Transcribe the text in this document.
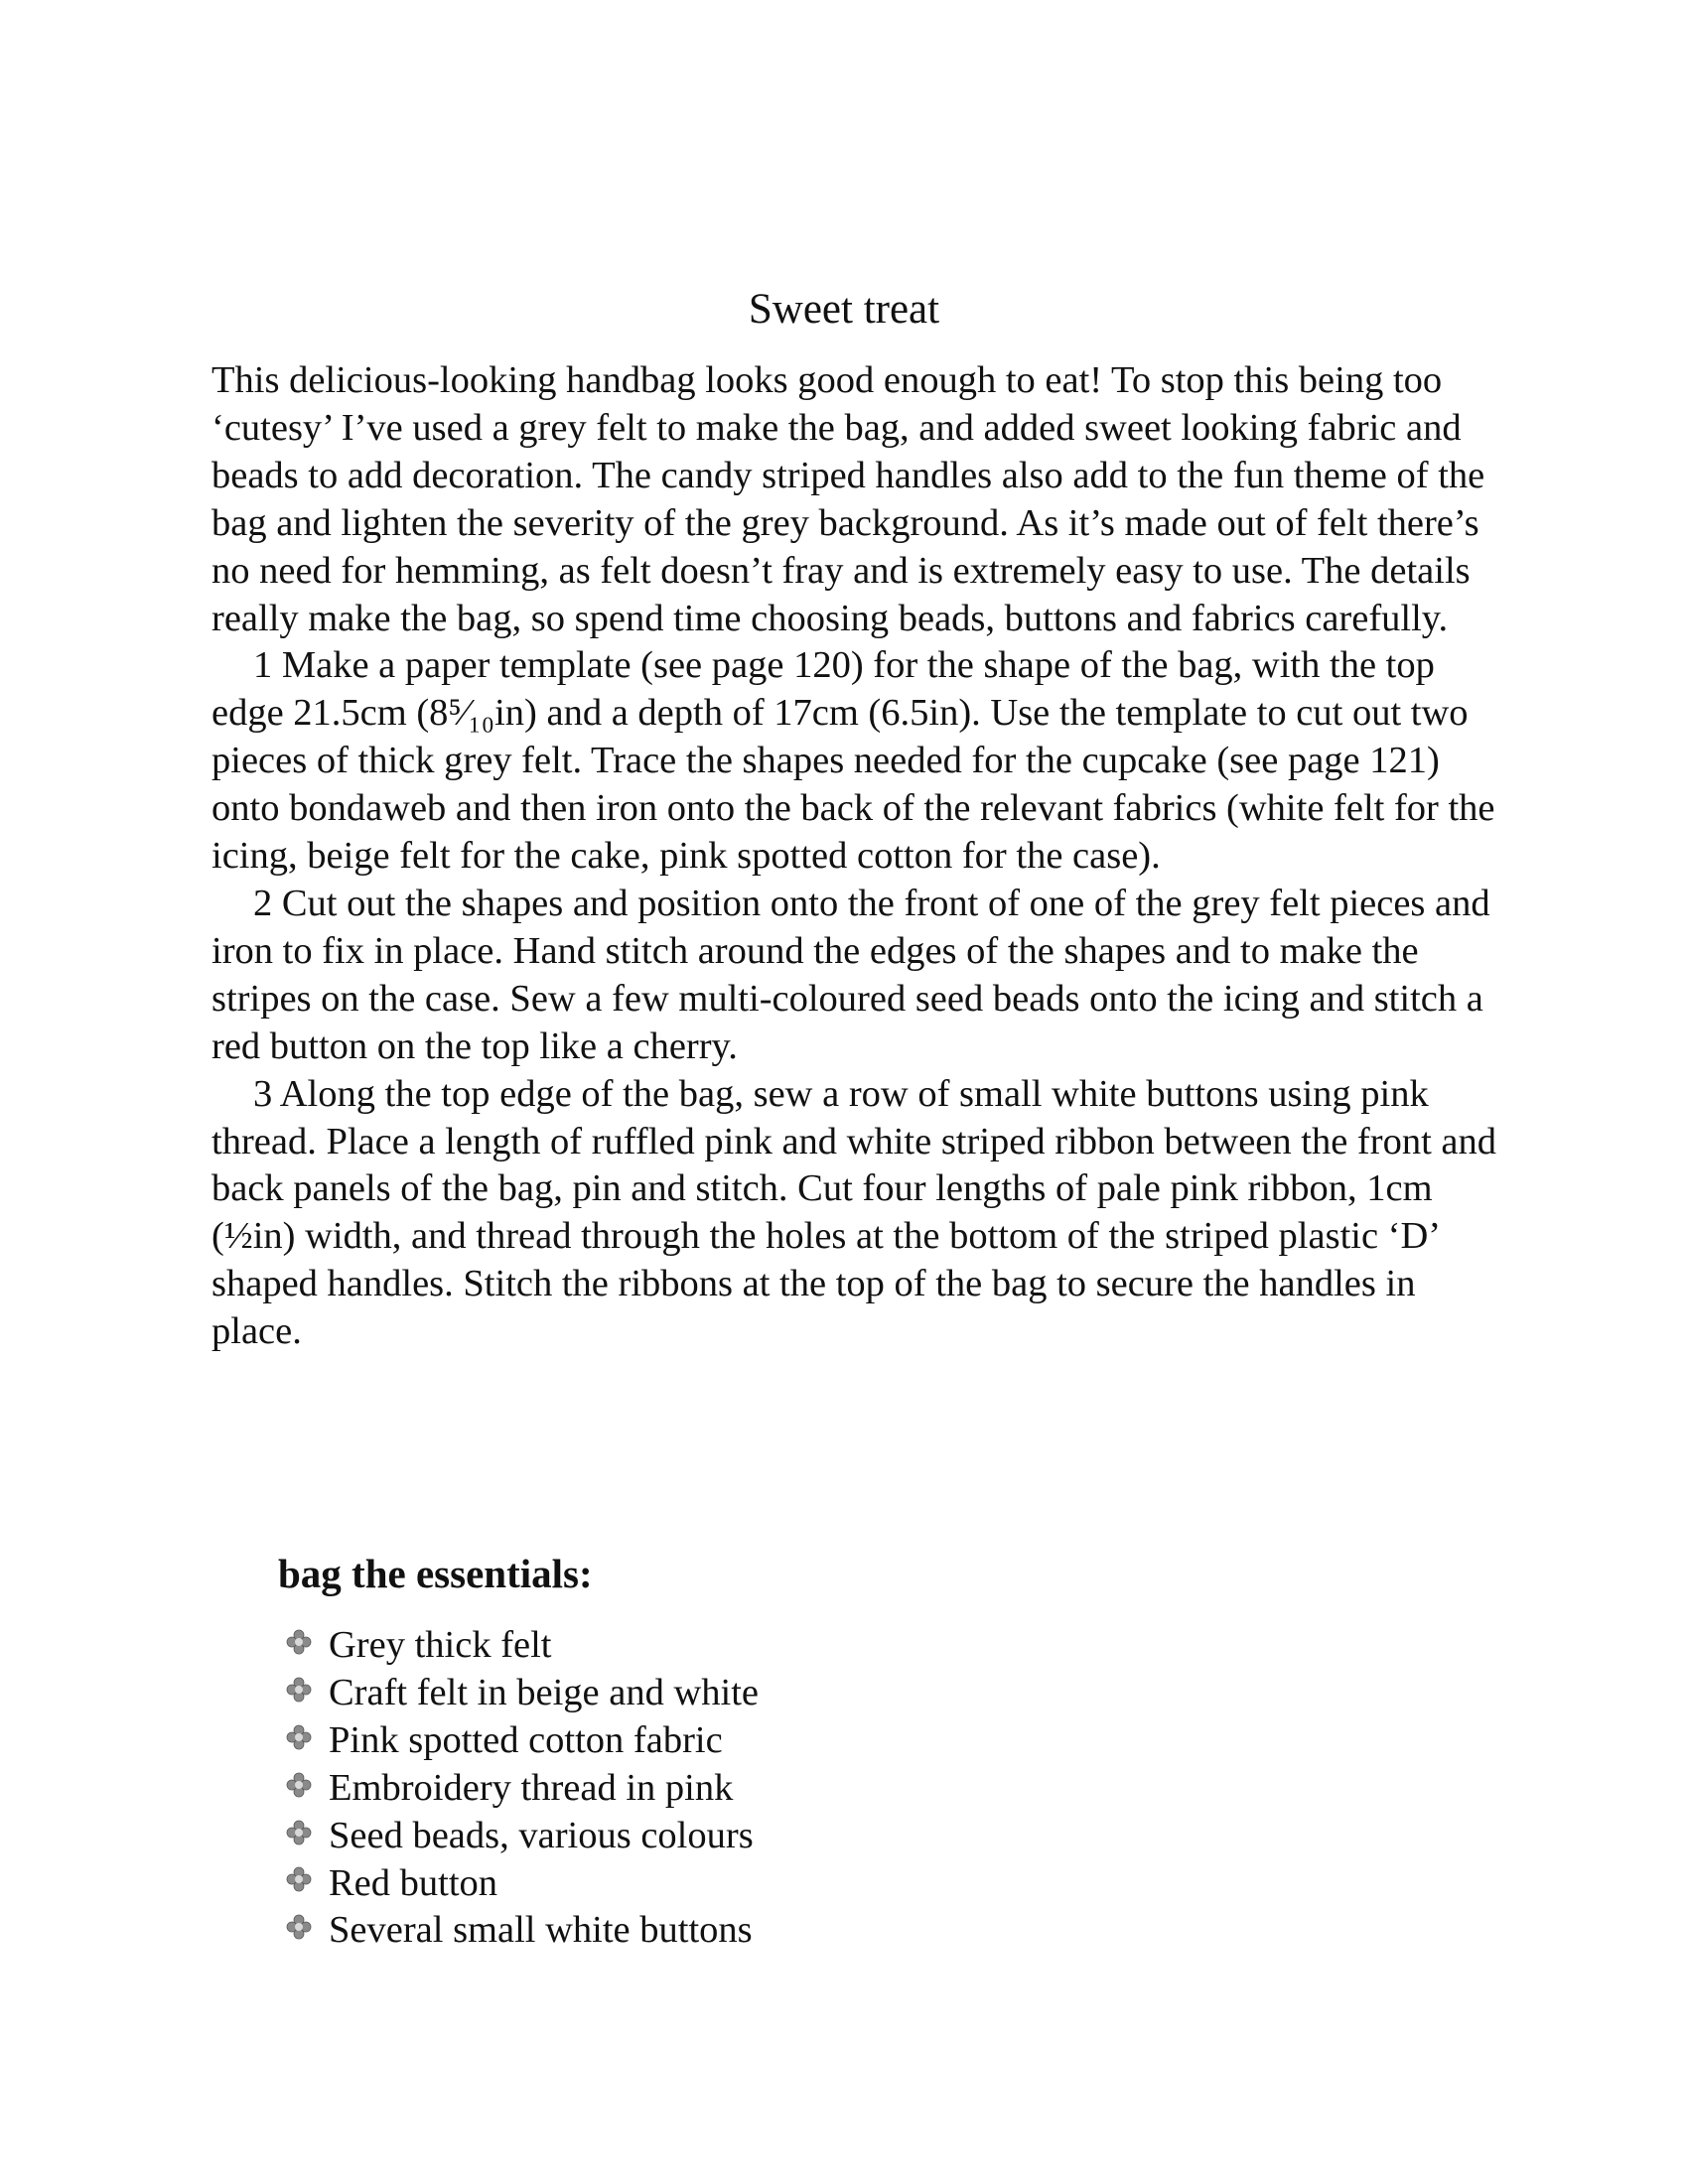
Sweet treat

This delicious-looking handbag looks good enough to eat! To stop this being too ‘cutesy’ I’ve used a grey felt to make the bag, and added sweet looking fabric and beads to add decoration. The candy striped handles also add to the fun theme of the bag and lighten the severity of the grey background. As it’s made out of felt there’s no need for hemming, as felt doesn’t fray and is extremely easy to use. The details really make the bag, so spend time choosing beads, buttons and fabrics carefully.

1 Make a paper template (see page 120) for the shape of the bag, with the top edge 21.5cm (8⁵⁄₁₀in) and a depth of 17cm (6.5in). Use the template to cut out two pieces of thick grey felt. Trace the shapes needed for the cupcake (see page 121) onto bondaweb and then iron onto the back of the relevant fabrics (white felt for the icing, beige felt for the cake, pink spotted cotton for the case).

2 Cut out the shapes and position onto the front of one of the grey felt pieces and iron to fix in place. Hand stitch around the edges of the shapes and to make the stripes on the case. Sew a few multi-coloured seed beads onto the icing and stitch a red button on the top like a cherry.

3 Along the top edge of the bag, sew a row of small white buttons using pink thread. Place a length of ruffled pink and white striped ribbon between the front and back panels of the bag, pin and stitch. Cut four lengths of pale pink ribbon, 1cm (½in) width, and thread through the holes at the bottom of the striped plastic ‘D’ shaped handles. Stitch the ribbons at the top of the bag to secure the handles in place.

bag the essentials:
Grey thick felt
Craft felt in beige and white
Pink spotted cotton fabric
Embroidery thread in pink
Seed beads, various colours
Red button
Several small white buttons
